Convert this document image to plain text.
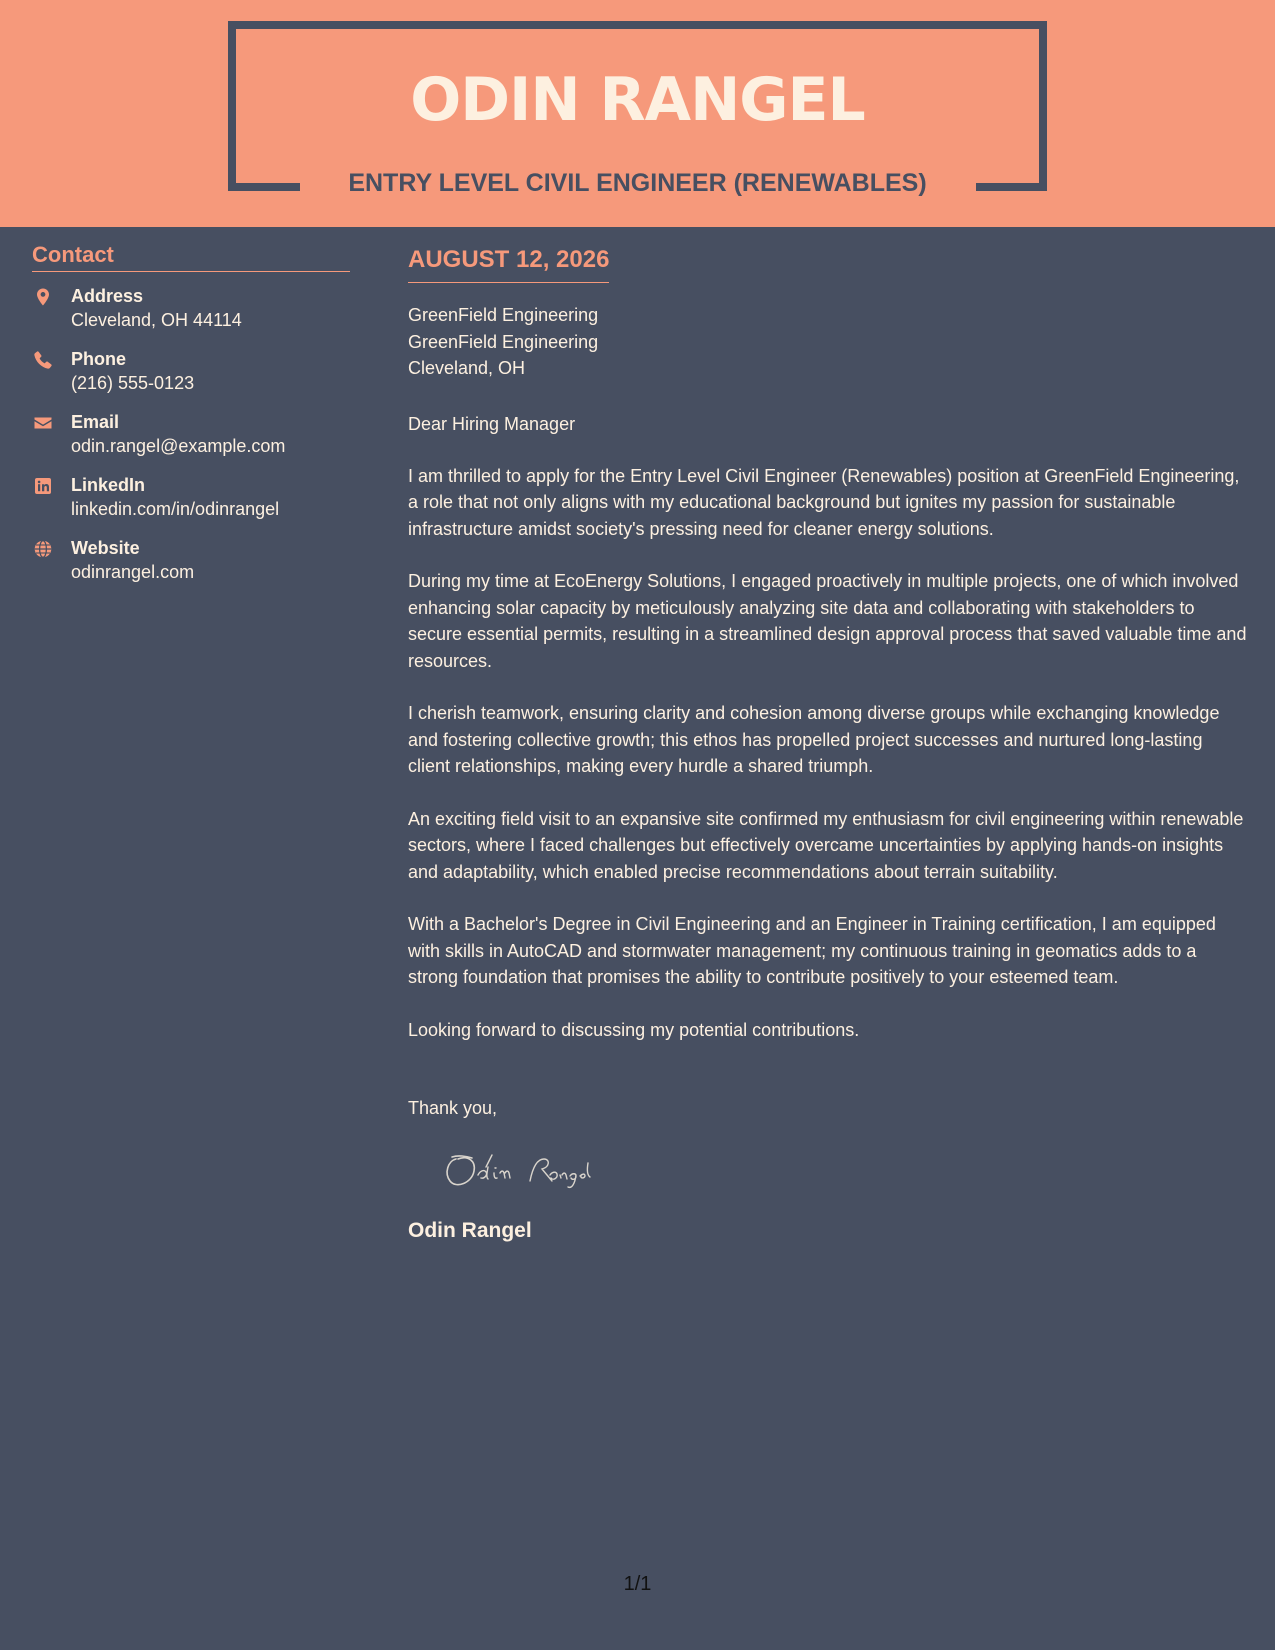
ODIN RANGEL
ENTRY LEVEL CIVIL ENGINEER (RENEWABLES)
Contact
Address
Cleveland, OH 44114
Phone
(216) 555-0123
Email
odin.rangel@example.com
LinkedIn
linkedin.com/in/odinrangel
Website
odinrangel.com
AUGUST 12, 2026
GreenField Engineering
GreenField Engineering
Cleveland, OH

Dear Hiring Manager

I am thrilled to apply for the Entry Level Civil Engineer (Renewables) position at GreenField Engineering, a role that not only aligns with my educational background but ignites my passion for sustainable infrastructure amidst society's pressing need for cleaner energy solutions.

During my time at EcoEnergy Solutions, I engaged proactively in multiple projects, one of which involved enhancing solar capacity by meticulously analyzing site data and collaborating with stakeholders to secure essential permits, resulting in a streamlined design approval process that saved valuable time and resources.

I cherish teamwork, ensuring clarity and cohesion among diverse groups while exchanging knowledge and fostering collective growth; this ethos has propelled project successes and nurtured long-lasting client relationships, making every hurdle a shared triumph.

An exciting field visit to an expansive site confirmed my enthusiasm for civil engineering within renewable sectors, where I faced challenges but effectively overcame uncertainties by applying hands-on insights and adaptability, which enabled precise recommendations about terrain suitability.

With a Bachelor's Degree in Civil Engineering and an Engineer in Training certification, I am equipped with skills in AutoCAD and stormwater management; my continuous training in geomatics adds to a strong foundation that promises the ability to contribute positively to your esteemed team.

Looking forward to discussing my potential contributions.

Thank you,

Odin Rangel

1/1
